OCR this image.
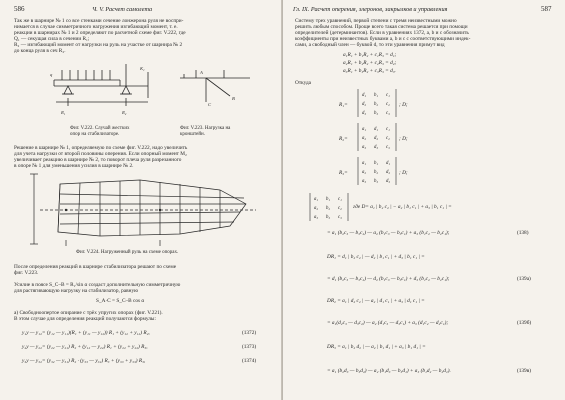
586	Ч. V. Расчет самолета
Так же в шарнире № 1 со все стенками сечение лонжерона руля не воспри-
нимается в случае симметричного нагружения изгибающий момент, т. е.
реакции в шарнирах № 1 и 2 определяют по расчетной схеме фиг. V.222, где
Q₁ — секущая сила в сечении R₁;
R₂ — изгибающий момент от нагрузки на руль на участке от шарнира № 2
до конца руля в сеч R₂.
q
R₁	R₂
К₁
A
B
C
Фиг. V.222. Случай жестких
опор на стабилизаторе.
Фиг. V.223. Нагрузка на
кронштейн.
Решение в шарнире № 1, определяемую по схеме фиг. V.222, надо увеличить
для учета нагрузки от второй половины оперения. Если опорный момент М₂
увеличивает реакцию в шарнире № 2, то поворот плеча руля разрезанного
в опоре № 1 для уменьшения усилия в шарнире № 2.
Фиг. V.224. Нагруженный руль на схеме опорах.
После определения реакций в шарнире стабилизатора решают по схеме
фиг. V.223.
Усилие в поясе S_C–B = R₁/sin α создаст дополнительную симметричную
для растягивающую нагрузку на стабилизатор, равную
S_A·C = S_C–B cos α
а) Свободноопертое опирание с трёх упругих опорах (фиг. V.221).
В этом случае для определения реакций получаются формулы:
y₁y — y₁₂= (y₁₂ — y₁₁)(R₁ + (y₁₁ — y₁₂)) R₁ + (y₁₂ + y₁₂) R₂,	(1372)
y₂y — y₂₂= (y₂₂ — y₂₁) R₂ + (y₁₂ — y₂₂) R₁ + (y₂₂ + y₂₂) R₃,	(1373)
y₃y — y₃₂= (y₃₂ — y₃₁) R₂ · (y₃₃ — y₃₂) R₃ + (y₃₃ + y₃₃) R₃,	(1374)
Гл. IX. Расчет оперения, элеронов, закрылков и управления	587
Систему трех уравнений, первой степени с тремя неизвестными можно
решить любым способом. Проще всего такая система решается при помощи
определителей (детерминантов). Если в уравнениях 1372, а, b и c обозначить
коэффициенты при неизвестных буквами a, b и c с соответствующими индек-
сами, а свободный член — буквой d, то эти уравнения примут вид
a₁R₁ + b₁R₂ + c₁R₃ = d₁;
a₂R₁ + b₂R₂ + c₂R₃ = d₂;
a₃R₁ + b₃R₂ + c₃R₃ = d₃.
Откуда
R₁=
d₁ b₁ c₁
d₂ b₂ c₂
d₃ b₃ c₃
; D;
R₂=
a₁ d₁ c₁
a₂ d₂ c₂
a₃ d₃ c₃
; D;
R₃=
a₁ b₁ d₁
a₂ b₂ d₂
a₃ b₃ d₃
; D;
a₁ b₁ c₁
a₂ b₂ c₂
a₃ b₃ c₃
где D= a₁ | b₂ c₂ | − a₂ | b₁ c₁ | + a₃ | b₁ c₁ | =
= a₁ (b₂c₃ — b₃c₂) — a₂ (b₁c₃ — b₃c₁) + a₃ (b₁c₂ — b₂c₁);	(138)
DR₁ = d₁ | b₂ c₂ | — d₂ | b₁ c₁ | + d₃ | b₁ c₁ | =
= d₁ (b₂c₃ — b₃c₂) — d₂ (b₁c₃ — b₃c₁) + d₃ (b₁c₂ — b₂c₁);	(139a)
DR₂ = a₁ | d₂ c₂ | — a₂ | d₁ c₁ | + a₃ | d₁ c₁ | =
= a₁(d₂c₃ — d₃c₂) — a₂ (d₁c₃ — d₃c₁) + a₃ (d₁c₂ — d₂c₁);	(139б)
DR₃ = a₁ | b₂ d₂ | — a₂ | b₁ d₁ | + a₃ | b₁ d₁ | =
= a₁ (b₂d₃ — b₃d₂) — a₂ (b₁d₃ — b₃d₁) + a₃ (b₁d₂ — b₂d₁).	(139в)
